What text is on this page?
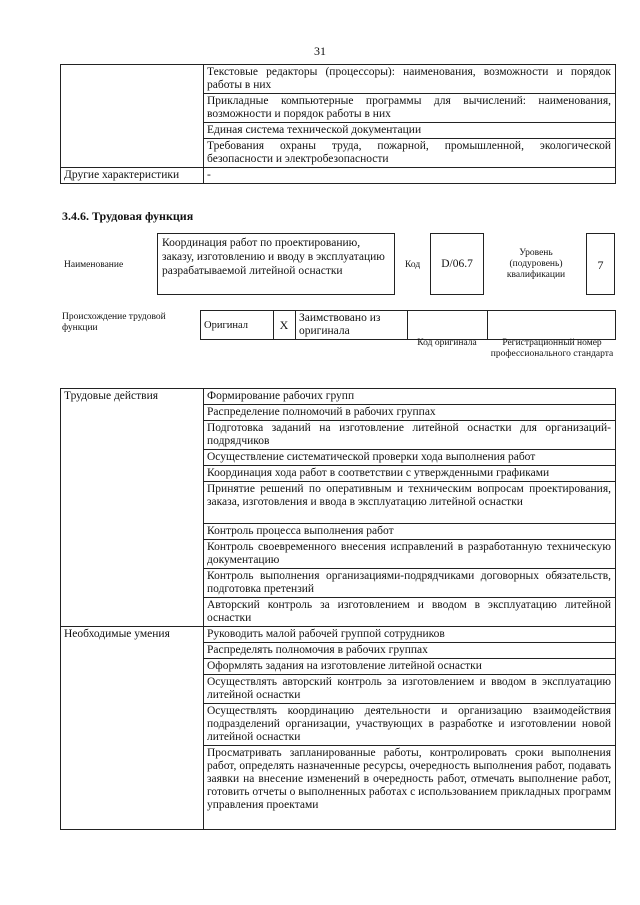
31
	Текстовые редакторы (процессоры): наименования, возможности и порядок работы в них
	Прикладные компьютерные программы для вычислений: наименования, возможности и порядок работы в них
	Единая система технической документации
	Требования охраны труда, пожарной, промышленной, экологической безопасности и электробезопасности
Другие характеристики	-
3.4.6. Трудовая функция
Наименование
Координация работ по проектированию, заказу, изготовлению и вводу в эксплуатацию разрабатываемой литейной оснастки	Код	D/06.7
Уровень (подуровень) квалификации
7
Происхождение трудовой функции	Оригинал	X	Заимствовано из оригинала		
Код оригинала	Регистрационный номер профессионального стандарта
Трудовые действия	Формирование рабочих групп
	Распределение полномочий в рабочих группах
	Подготовка заданий на изготовление литейной оснастки для организаций-подрядчиков
	Осуществление систематической проверки хода выполнения работ
	Координация хода работ в соответствии с утвержденными графиками
	Принятие решений по оперативным и техническим вопросам проектирования, заказа, изготовления и ввода в эксплуатацию литейной оснастки
	Контроль процесса выполнения работ
	Контроль своевременного внесения исправлений в разработанную техническую документацию
	Контроль выполнения организациями-подрядчиками договорных обязательств, подготовка претензий
	Авторский контроль за изготовлением и вводом в эксплуатацию литейной оснастки
Необходимые умения	Руководить малой рабочей группой сотрудников
	Распределять полномочия в рабочих группах
	Оформлять задания на изготовление литейной оснастки
	Осуществлять авторский контроль за изготовлением и вводом в эксплуатацию литейной оснастки
	Осуществлять координацию деятельности и организацию взаимодействия подразделений организации, участвующих в разработке и изготовлении новой литейной оснастки
	Просматривать запланированные работы, контролировать сроки выполнения работ, определять назначенные ресурсы, очередность выполнения работ, подавать заявки на внесение изменений в очередность работ, отмечать выполнение работ, готовить отчеты о выполненных работах с использованием прикладных программ управления проектами
